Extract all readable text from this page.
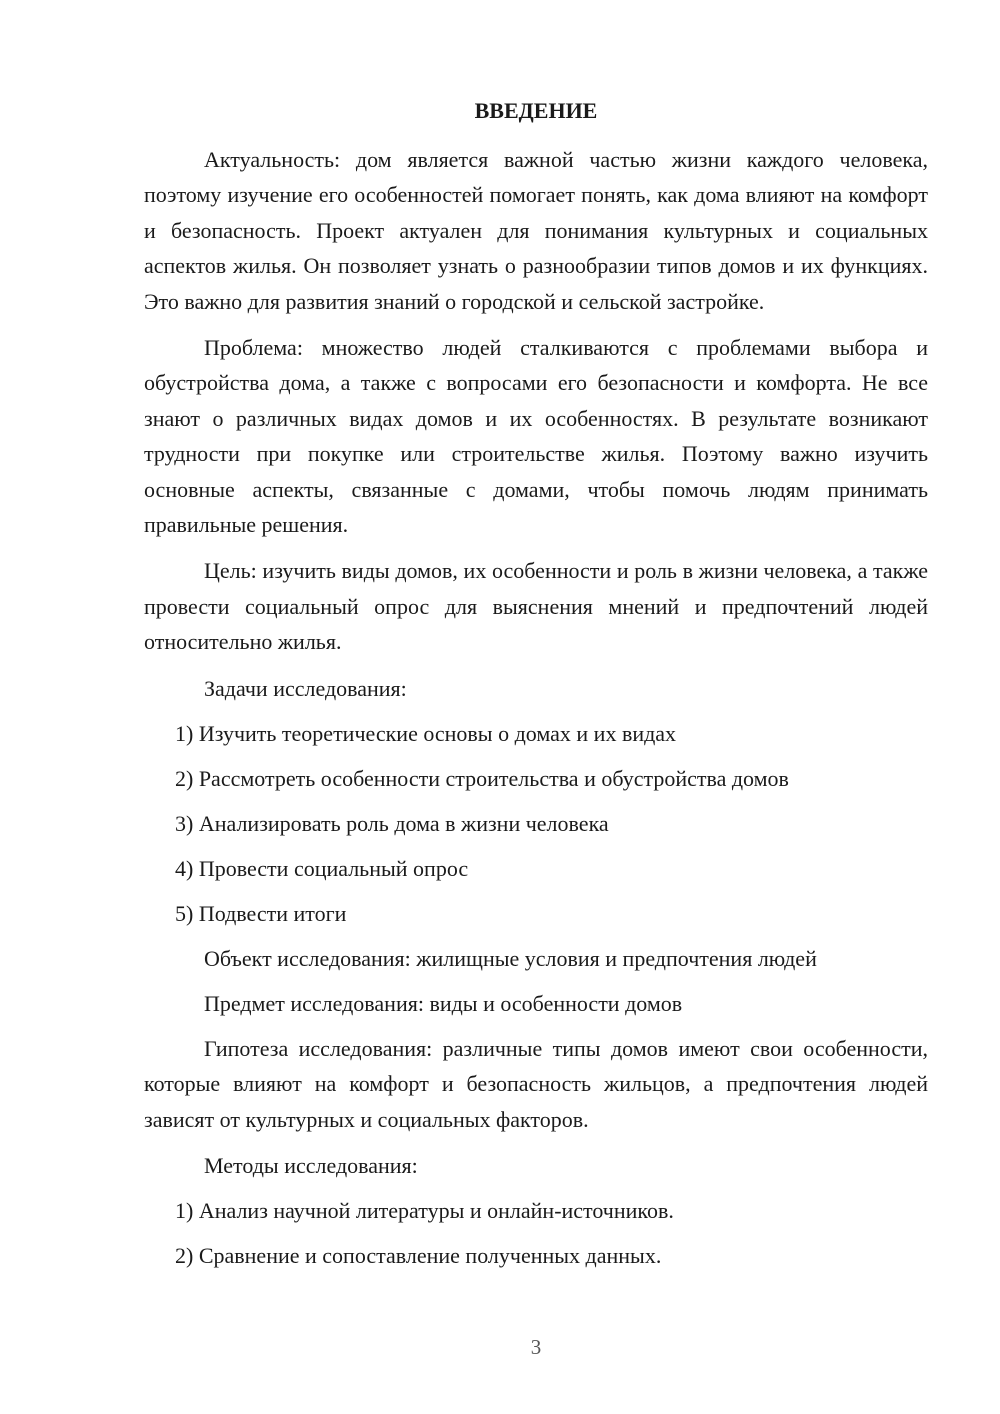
ВВЕДЕНИЕ

Актуальность: дом является важной частью жизни каждого человека, поэтому изучение его особенностей помогает понять, как дома влияют на комфорт и безопасность. Проект актуален для понимания культурных и социальных аспектов жилья. Он позволяет узнать о разнообразии типов домов и их функциях. Это важно для развития знаний о городской и сельской застройке.

Проблема: множество людей сталкиваются с проблемами выбора и обустройства дома, а также с вопросами его безопасности и комфорта. Не все знают о различных видах домов и их особенностях. В результате возникают трудности при покупке или строительстве жилья. Поэтому важно изучить основные аспекты, связанные с домами, чтобы помочь людям принимать правильные решения.

Цель: изучить виды домов, их особенности и роль в жизни человека, а также провести социальный опрос для выяснения мнений и предпочтений людей относительно жилья.

Задачи исследования:
1) Изучить теоретические основы о домах и их видах
2) Рассмотреть особенности строительства и обустройства домов
3) Анализировать роль дома в жизни человека
4) Провести социальный опрос
5) Подвести итоги
Объект исследования: жилищные условия и предпочтения людей
Предмет исследования: виды и особенности домов

Гипотеза исследования: различные типы домов имеют свои особенности, которые влияют на комфорт и безопасность жильцов, а предпочтения людей зависят от культурных и социальных факторов.

Методы исследования:
1) Анализ научной литературы и онлайн-источников.
2) Сравнение и сопоставление полученных данных.
3
